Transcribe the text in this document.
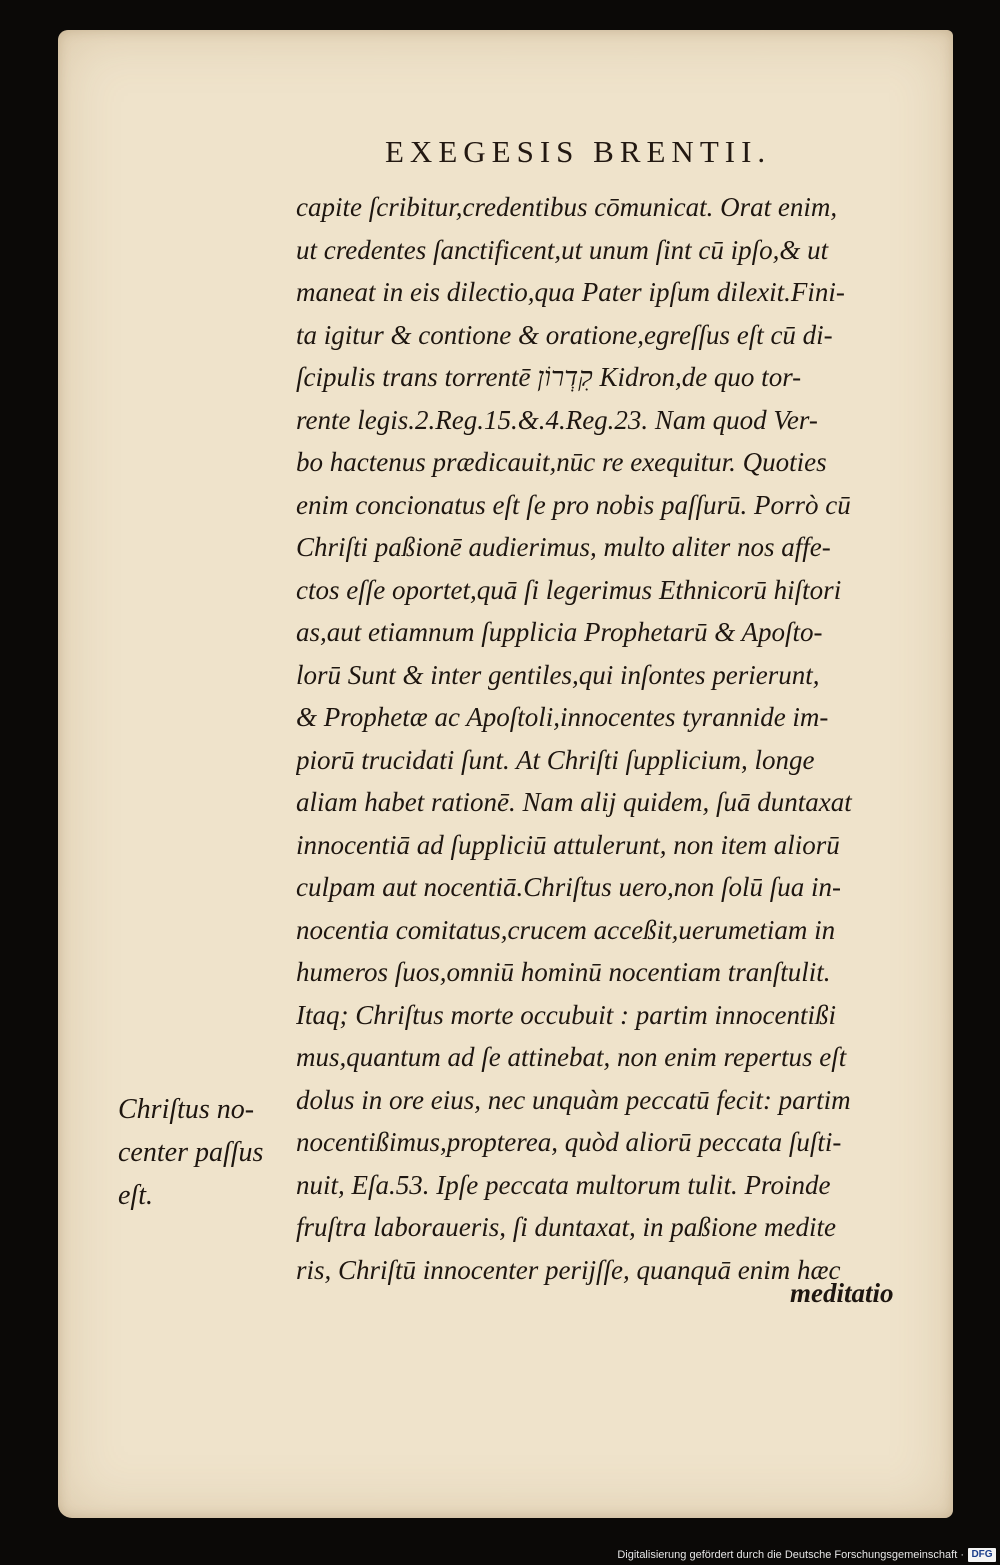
EXEGESIS BRENTII.
capite ſcribitur,credentibus cōmunicat. Orat enim,
ut credentes ſanctificent,ut unum ſint cū ipſo,& ut
maneat in eis dilectio,qua Pater ipſum dilexit.Fini-
ta igitur & contione & oratione,egreſſus eſt cū di-
ſcipulis trans torrentē קִדְרוֹן Kidron,de quo tor-
rente legis.2.Reg.15.&.4.Reg.23. Nam quod Ver-
bo hactenus prædicauit,nūc re exequitur. Quoties
enim concionatus eſt ſe pro nobis paſſurū. Porrò cū
Chriſti paßionē audierimus, multo aliter nos affe-
ctos eſſe oportet,quā ſi legerimus Ethnicorū hiſtori
as,aut etiamnum ſupplicia Prophetarū & Apoſto-
lorū Sunt & inter gentiles,qui inſontes perierunt,
& Prophetæ ac Apoſtoli,innocentes tyrannide im-
piorū trucidati ſunt. At Chriſti ſupplicium, longe
aliam habet rationē. Nam alij quidem, ſuā duntaxat
innocentiā ad ſuppliciū attulerunt, non item aliorū
culpam aut nocentiā.Chriſtus uero,non ſolū ſua in-
nocentia comitatus,crucem acceßit,uerumetiam in
humeros ſuos,omniū hominū nocentiam tranſtulit.
Itaq; Chriſtus morte occubuit : partim innocentißi
mus,quantum ad ſe attinebat, non enim repertus eſt
dolus in ore eius, nec unquàm peccatū fecit: partim
nocentißimus,propterea, quòd aliorū peccata ſuſti-
nuit, Eſa.53. Ipſe peccata multorum tulit. Proinde
fruſtra laboraueris, ſi duntaxat, in paßione medite
ris, Chriſtū innocenter perijſſe, quanquā enim hæc
Chriſtus no-
center paſſus
eſt.
meditatio
Digitalisierung gefördert durch die Deutsche Forschungsgemeinschaft · DFG
